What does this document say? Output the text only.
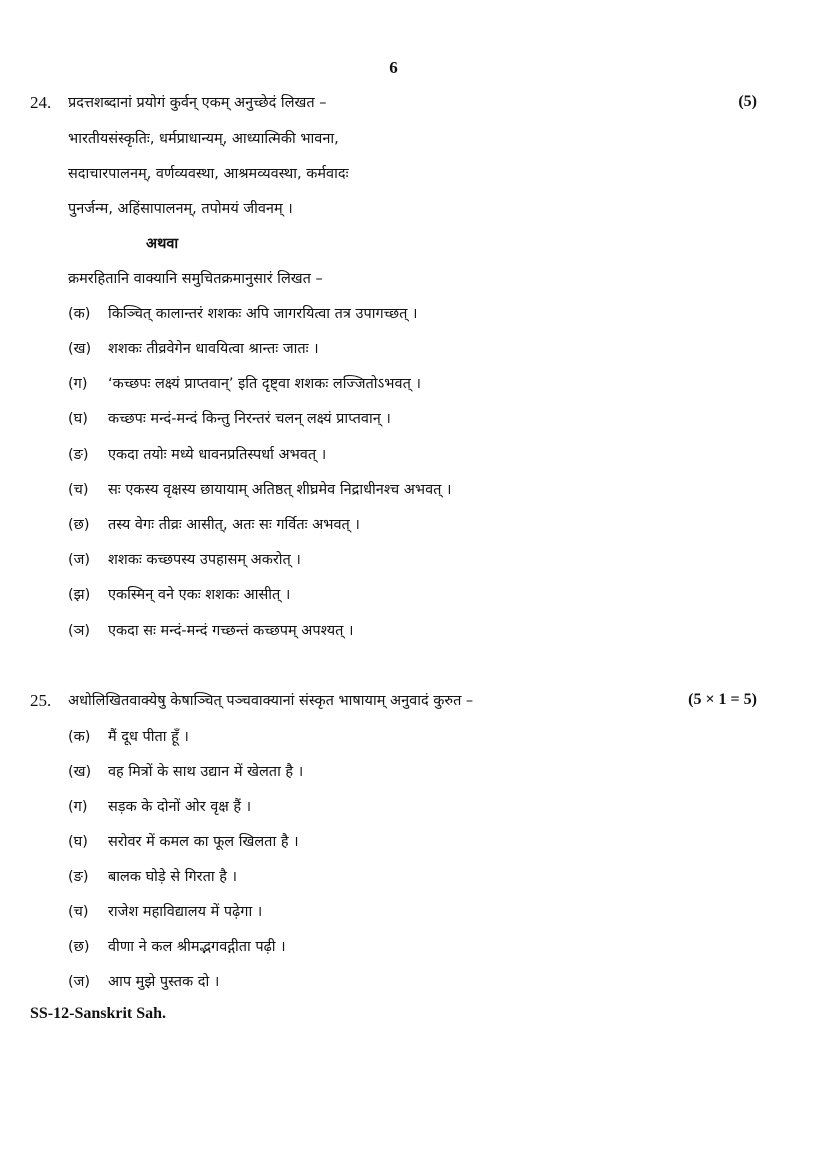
6
24. प्रदत्तशब्दानां प्रयोगं कुर्वन् एकम् अनुच्छेदं लिखत –	(5)
भारतीयसंस्कृतिः, धर्मप्राधान्यम्, आध्यात्मिकी भावना,
सदाचारपालनम्, वर्णव्यवस्था, आश्रमव्यवस्था, कर्मवादः
पुनर्जन्म, अहिंसापालनम्, तपोमयं जीवनम् ।
अथवा
क्रमरहितानि वाक्यानि समुचितक्रमानुसारं लिखत –
(क) किञ्चित् कालान्तरं शशकः अपि जागरयित्वा तत्र उपागच्छत् ।
(ख) शशकः तीव्रवेगेन धावयित्वा श्रान्तः जातः ।
(ग) ‘कच्छपः लक्ष्यं प्राप्तवान्’ इति दृष्ट्वा शशकः लज्जितोऽभवत् ।
(घ) कच्छपः मन्दं-मन्दं किन्तु निरन्तरं चलन् लक्ष्यं प्राप्तवान् ।
(ङ) एकदा तयोः मध्ये धावनप्रतिस्पर्धा अभवत् ।
(च) सः एकस्य वृक्षस्य छायायाम् अतिष्ठत् शीघ्रमेव निद्राधीनश्च अभवत् ।
(छ) तस्य वेगः तीव्रः आसीत्, अतः सः गर्वितः अभवत् ।
(ज) शशकः कच्छपस्य उपहासम् अकरोत् ।
(झ) एकस्मिन् वने एकः शशकः आसीत् ।
(ञ) एकदा सः मन्दं-मन्दं गच्छन्तं कच्छपम् अपश्यत् ।
25. अधोलिखितवाक्येषु केषाञ्चित् पञ्चवाक्यानां संस्कृत भाषायाम् अनुवादं कुरुत –	(5 × 1 = 5)
(क) मैं दूध पीता हूँ ।
(ख) वह मित्रों के साथ उद्यान में खेलता है ।
(ग) सड़क के दोनों ओर वृक्ष हैं ।
(घ) सरोवर में कमल का फूल खिलता है ।
(ङ) बालक घोड़े से गिरता है ।
(च) राजेश महाविद्यालय में पढ़ेगा ।
(छ) वीणा ने कल श्रीमद्भगवद्गीता पढ़ी ।
(ज) आप मुझे पुस्तक दो ।
SS-12-Sanskrit Sah.
